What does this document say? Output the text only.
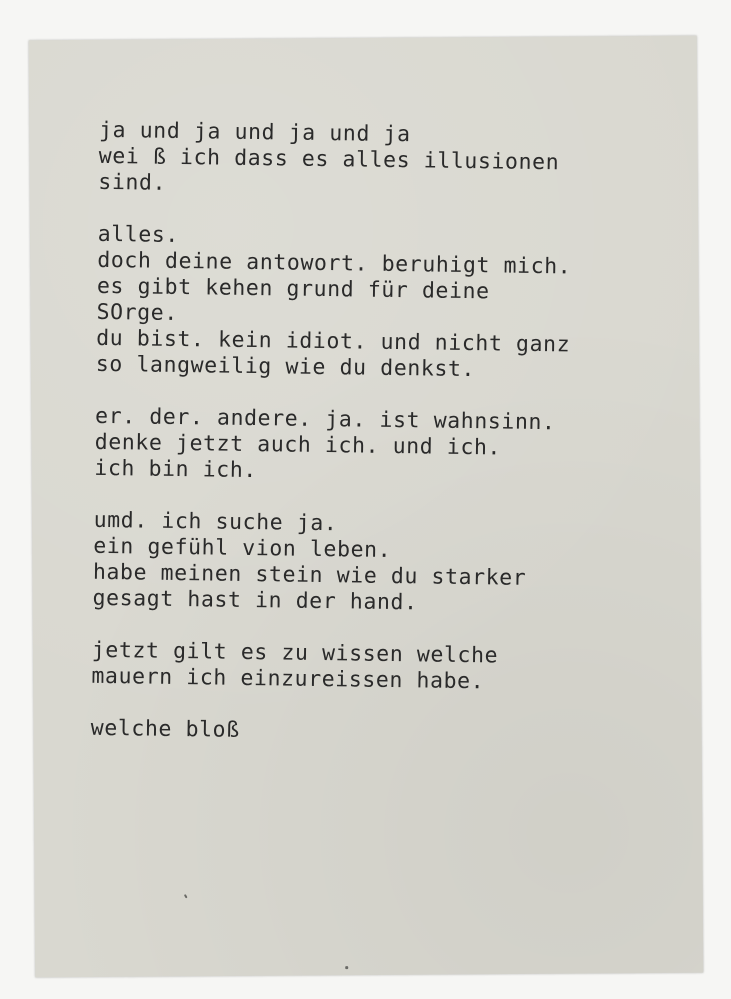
ja und ja und ja und ja
wei ß ich dass es alles illusionen
sind.
alles.
doch deine antowort. beruhigt mich.
es gibt kehen grund für deine
SOrge.
du bist. kein idiot. und nicht ganz
so langweilig wie du denkst.
er. der. andere. ja. ist wahnsinn.
denke jetzt auch ich. und ich.
ich bin ich.
umd. ich suche ja.
ein gefühl vion leben.
habe meinen stein wie du starker
gesagt hast in der hand.
jetzt gilt es zu wissen welche
mauern ich einzureissen habe.
welche bloß
